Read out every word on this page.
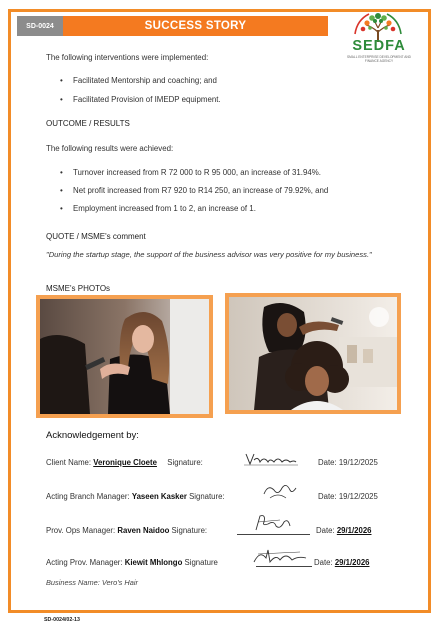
SD-0024	SUCCESS STORY
SEDFA
SMALL ENTERPRISE DEVELOPMENT AND FINANCE AGENCY
The following interventions were implemented:
• Facilitated Mentorship and coaching; and
• Facilitated Provision of IMEDP equipment.
OUTCOME / RESULTS
The following results were achieved:
• Turnover increased from R 72 000 to R 95 000, an increase of 31.94%.
• Net profit increased from R7 920 to R14 250, an increase of 79.92%, and
• Employment increased from 1 to 2, an increase of 1.
QUOTE / MSME's comment
"During the startup stage, the support of the business advisor was very positive for my business."
MSME's PHOTOs
Acknowledgement by:
Client Name: Veronique Cloete Signature:	Date: 19/12/2025
Acting Branch Manager: Yaseen Kasker Signature:	Date: 19/12/2025
Prov. Ops Manager: Raven Naidoo Signature:	Date: 29/1/2026
Acting Prov. Manager: Kiewit Mhlongo Signature	Date: 29/1/2026
Business Name: Vero's Hair
SD-0024/02-13
